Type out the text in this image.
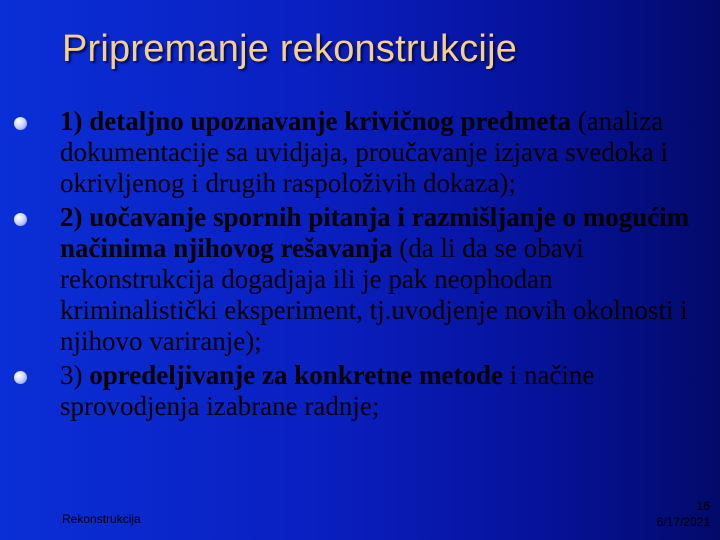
Pripremanje rekonstrukcije
1) detaljno upoznavanje krivičnog predmeta (analiza dokumentacije sa uvidjaja, proučavanje izjava svedoka i okrivljenog i drugih raspoloživih dokaza);
2) uočavanje spornih pitanja i razmišljanje o mogućim načinima njihovog rešavanja (da li da se obavi rekonstrukcija dogadjaja ili je pak neophodan kriminalistički eksperiment, tj.uvodjenje novih okolnosti i njihovo variranje);
3) opredeljivanje za konkretne metode i načine sprovodjenja izabrane radnje;
Rekonstrukcija
16
6/17/2021
